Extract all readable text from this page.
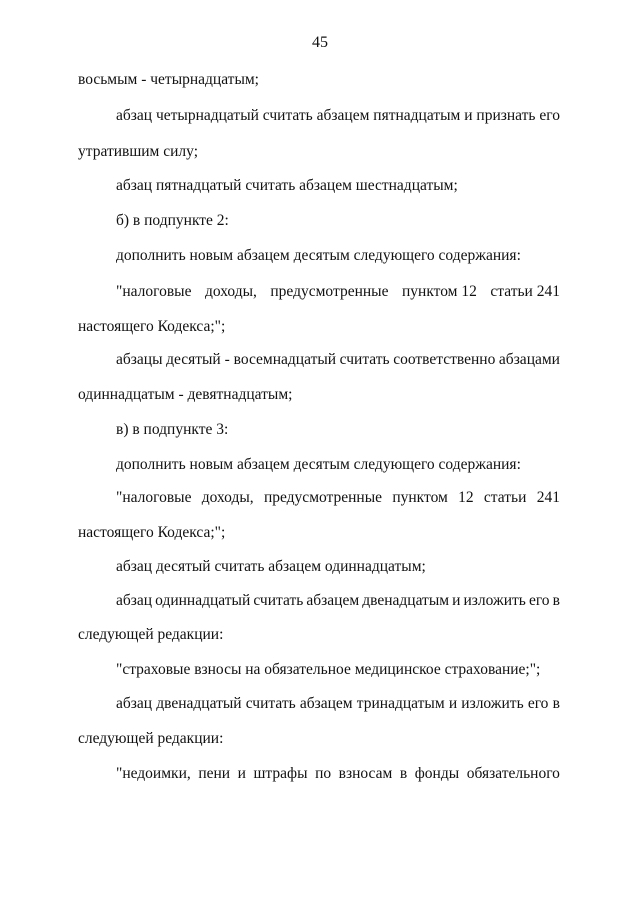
45
восьмым - четырнадцатым;
абзац четырнадцатый считать абзацем пятнадцатым и признать его
утратившим силу;
абзац пятнадцатый считать абзацем шестнадцатым;
б) в подпункте 2:
дополнить новым абзацем десятым следующего содержания:
"налоговые доходы, предусмотренные пунктом 12 статьи 241
настоящего Кодекса;";
абзацы десятый - восемнадцатый считать соответственно абзацами
одиннадцатым - девятнадцатым;
в) в подпункте 3:
дополнить новым абзацем десятым следующего содержания:
"налоговые доходы, предусмотренные пунктом 12 статьи 241
настоящего Кодекса;";
абзац десятый считать абзацем одиннадцатым;
абзац одиннадцатый считать абзацем двенадцатым и изложить его в
следующей редакции:
"страховые взносы на обязательное медицинское страхование;";
абзац двенадцатый считать абзацем тринадцатым и изложить его в
следующей редакции:
"недоимки, пени и штрафы по взносам в фонды обязательного
